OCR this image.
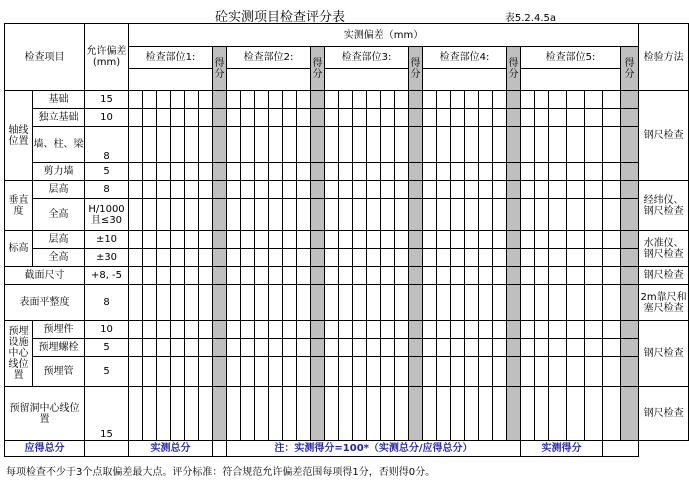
砼实测项目检查评分表	表5.2.4.5a
检查项目		允许偏差(mm)	实测偏差（mm）																																			检验方法
			检查部位1:						得分	检查部位2:						得分	检查部位3:						得分	检查部位4:						得分	检查部位5:						得分	

轴线位置	基础	15																																				钢尺检查
	独立基础	10																																				
	墙、柱、梁	8																																				
	剪力墙	5																																				
垂直度	层高	8																																				经纬仪、钢尺检查
	全高	H/1000且≤30																																				
标高	层高	±10																																				水准仪、钢尺检查
	全高	±30																																				
截面尺寸		+8, -5																																				钢尺检查
表面平整度		8																																				2m靠尺和塞尺检查
预埋设施中心线位置	预埋件	10																																				钢尺检查
	预埋螺栓	5																																				
	预埋管	5																																				
预留洞中心线位置		15																																				钢尺检查
应得总分			实测总分							注：实测得分=100*（实测总分/应得总分）																					实测得分							
每项检查不少于3个点取偏差最大点。评分标准：符合规范允许偏差范围每项得1分，否则得0分。
